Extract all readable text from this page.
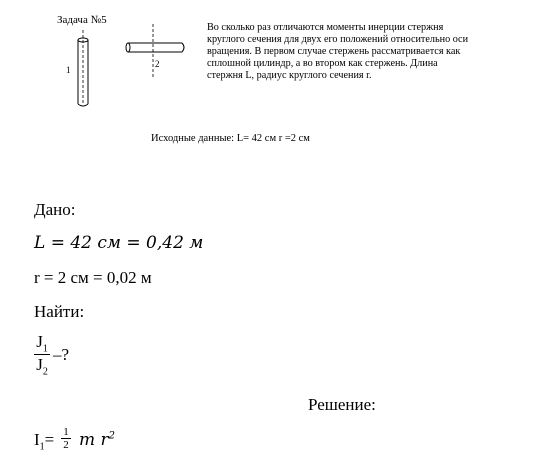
Задача №5
1
2
Во сколько раз отличаются моменты инерции стержня
круглого сечения для двух его положений относительно оси
вращения. В первом случае стержень рассматривается как
сплошной цилиндр, а во втором как стержень. Длина
стержня L, радиус круглого сечения r.
Исходные данные: L= 42 см r =2 см
Дано:
L = 42 см = 0,42 м
r = 2 см = 0,02 м
Найти:
$J_1$
$J_2$
–?
Решение:
$I_1= 1$
2 m $r^2$
